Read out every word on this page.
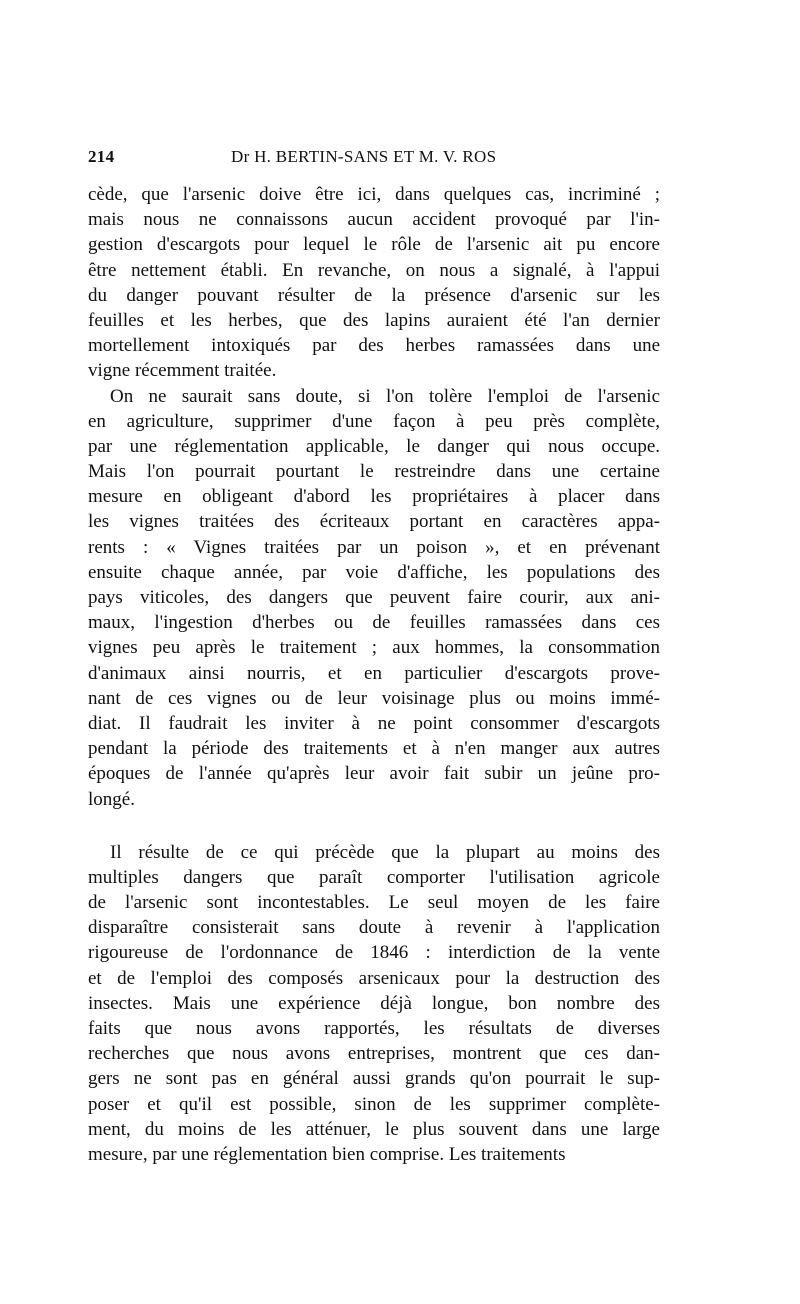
214	Dr H. BERTIN-SANS ET M. V. ROS
cède, que l'arsenic doive être ici, dans quelques cas, incriminé ;
mais nous ne connaissons aucun accident provoqué par l'in-
gestion d'escargots pour lequel le rôle de l'arsenic ait pu encore
être nettement établi. En revanche, on nous a signalé, à l'appui
du danger pouvant résulter de la présence d'arsenic sur les
feuilles et les herbes, que des lapins auraient été l'an dernier
mortellement intoxiqués par des herbes ramassées dans une
vigne récemment traitée.
On ne saurait sans doute, si l'on tolère l'emploi de l'arsenic
en agriculture, supprimer d'une façon à peu près complète,
par une réglementation applicable, le danger qui nous occupe.
Mais l'on pourrait pourtant le restreindre dans une certaine
mesure en obligeant d'abord les propriétaires à placer dans
les vignes traitées des écriteaux portant en caractères appa-
rents : « Vignes traitées par un poison », et en prévenant
ensuite chaque année, par voie d'affiche, les populations des
pays viticoles, des dangers que peuvent faire courir, aux ani-
maux, l'ingestion d'herbes ou de feuilles ramassées dans ces
vignes peu après le traitement ; aux hommes, la consommation
d'animaux ainsi nourris, et en particulier d'escargots prove-
nant de ces vignes ou de leur voisinage plus ou moins immé-
diat. Il faudrait les inviter à ne point consommer d'escargots
pendant la période des traitements et à n'en manger aux autres
époques de l'année qu'après leur avoir fait subir un jeûne pro-
longé.
Il résulte de ce qui précède que la plupart au moins des
multiples dangers que paraît comporter l'utilisation agricole
de l'arsenic sont incontestables. Le seul moyen de les faire
disparaître consisterait sans doute à revenir à l'application
rigoureuse de l'ordonnance de 1846 : interdiction de la vente
et de l'emploi des composés arsenicaux pour la destruction des
insectes. Mais une expérience déjà longue, bon nombre des
faits que nous avons rapportés, les résultats de diverses
recherches que nous avons entreprises, montrent que ces dan-
gers ne sont pas en général aussi grands qu'on pourrait le sup-
poser et qu'il est possible, sinon de les supprimer complète-
ment, du moins de les atténuer, le plus souvent dans une large
mesure, par une réglementation bien comprise. Les traitements
